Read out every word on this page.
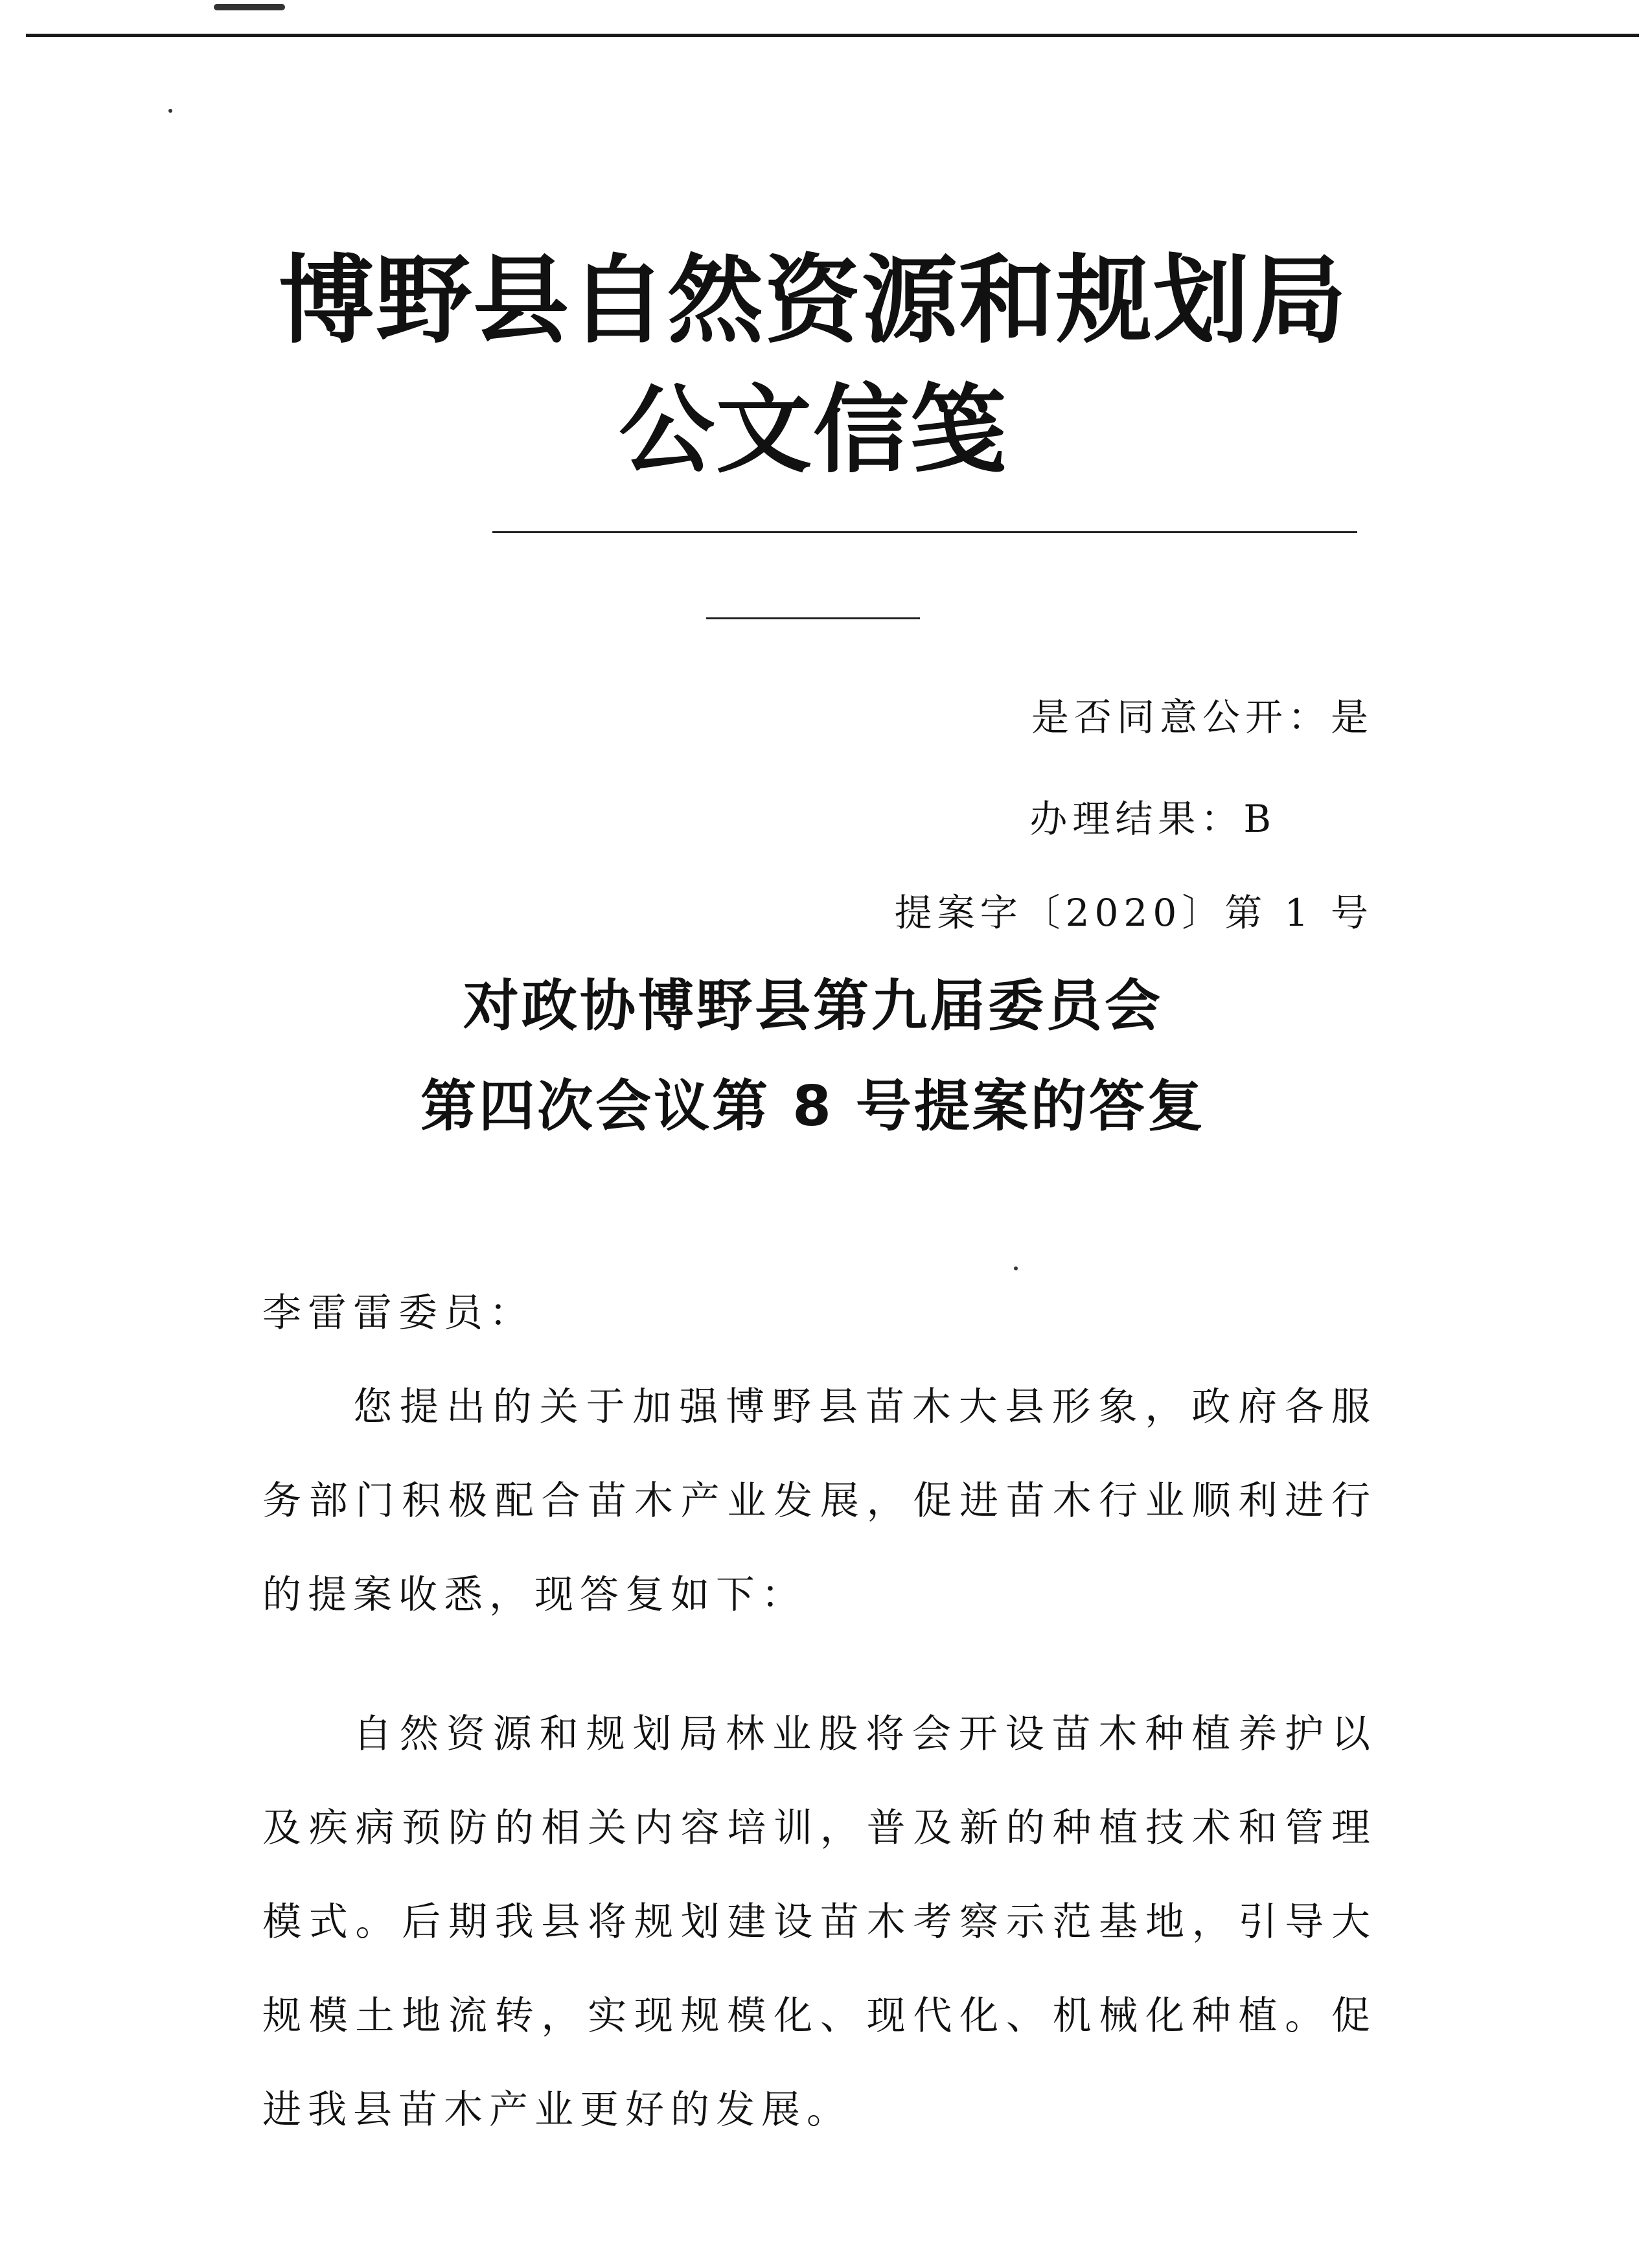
博野县自然资源和规划局
公文信笺
是否同意公开：是
办理结果：B
提案字〔2020〕第 1 号
对政协博野县第九届委员会
第四次会议第 8 号提案的答复
李雷雷委员：
您提出的关于加强博野县苗木大县形象，政府各服务部门积极配合苗木产业发展，促进苗木行业顺利进行的提案收悉，现答复如下：
自然资源和规划局林业股将会开设苗木种植养护以及疾病预防的相关内容培训，普及新的种植技术和管理模式。后期我县将规划建设苗木考察示范基地，引导大规模土地流转，实现规模化、现代化、机械化种植。促进我县苗木产业更好的发展。
